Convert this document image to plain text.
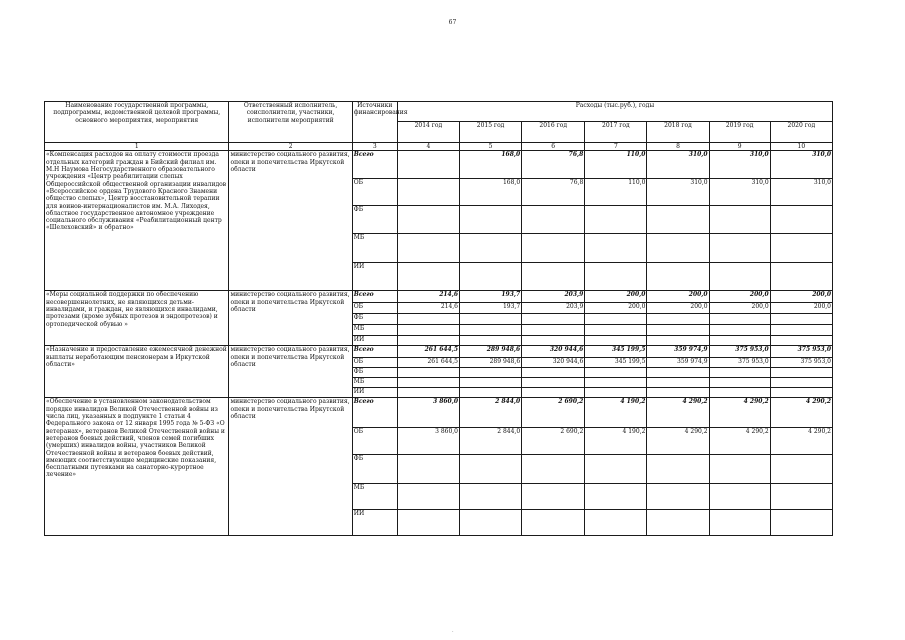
67
Наименование государственной программы, подпрограммы, ведомственной целевой программы, основного мероприятия, мероприятия	Ответственный исполнитель, соисполнители, участники, исполнители мероприятий	Источники финансирования	Расходы (тыс.руб.), годы						
			2014 год	2015 год	2016 год	2017 год	2018 год	2019 год	2020 год
1	2	3	4	5	6	7	8	9	10
«Компенсация расходов на оплату стоимости проезда отдельных категорий граждан в Бийский филиал им. М.Н Наумова Негосударственного образовательного учреждения «Центр реабилитации слепых Общероссийской общественной организации инвалидов «Всероссийское ордена Трудового Красного Знамени общество слепых», Центр восстановительной терапии для воинов-интернационалистов им. М.А. Лиходея, областное государственное автономное учреждение социального обслуживания «Реабилитационный центр «Шелеховский» и обратно»	министерство социального развития, опеки и попечительства Иркутской области	Всего		168,0	76,8	110,0	310,0	310,0	310,0
		ОБ		168,0	76,8	110,0	310,0	310,0	310,0
		ФБ							
		МБ							
		ИИ							
«Меры социальной поддержки по обеспечению несовершеннолетних, не являющихся детьми-инвалидами, и граждан, не являющихся инвалидами, протезами (кроме зубных протезов и эндопротезов) и ортопедической обувью »	министерство социального развития, опеки и попечительства Иркутской области	Всего	214,6	193,7	203,9	200,0	200,0	200,0	200,0
		ОБ	214,6	193,7	203,9	200,0	200,0	200,0	200,0
		ФБ							
		МБ							
		ИИ							
«Назначение и предоставление ежемесячной денежной выплаты неработающим пенсионерам в Иркутской области»	министерство социального развития, опеки и попечительства Иркутской области	Всего	261 644,5	289 948,6	320 944,6	345 199,5	359 974,9	375 953,0	375 953,0
		ОБ	261 644,5	289 948,6	320 944,6	345 199,5	359 974,9	375 953,0	375 953,0
		ФБ							
		МБ							
		ИИ							
«Обеспечение в установленном законодательством порядке инвалидов Великой Отечественной войны из числа лиц, указанных в подпункте 1 статьи 4 Федерального закона от 12 января 1995 года № 5-ФЗ «О ветеранах», ветеранов Великой Отечественной войны и ветеранов боевых действий, членов семей погибших (умерших) инвалидов войны, участников Великой Отечественной войны и ветеранов боевых действий, имеющих соответствующие медицинские показания, бесплатными путевками на санаторно-курортное лечение»	министерство социального развития, опеки и попечительства Иркутской области	Всего	3 860,0	2 844,0	2 690,2	4 190,2	4 290,2	4 290,2	4 290,2
		ОБ	3 860,0	2 844,0	2 690,2	4 190,2	4 290,2	4 290,2	4 290,2
		ФБ							
		МБ							
		ИИ							
.
